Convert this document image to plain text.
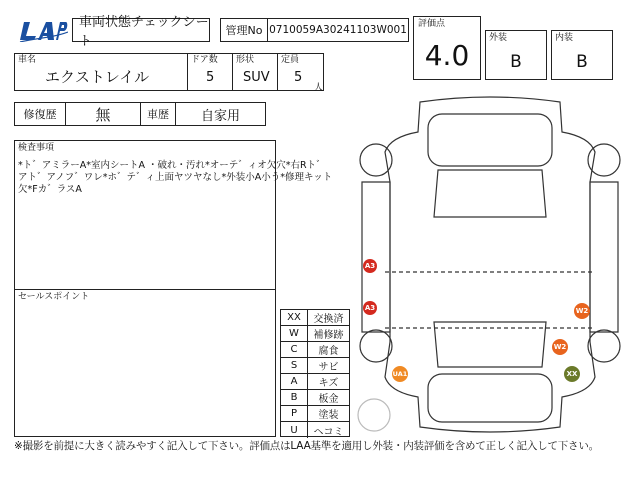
車両状態チェックシート
管理No 0710059A30241103W001 評価点
4.0
外装
B
内装
B
車名
エクストレイル
ドア数
5
形状
SUV
定員
5
人
修復歴	無	車歴	自家用
検査事項
*ト゛アミラーA*室内シートA ・破れ・汚れ*オーテ゛ィオ欠穴*右Rト゛
アト゛アノフ゛ワレ*ホ゛テ゛ィ上面ヤツヤなし*外装小A小う*修理キット
欠*Fカ゛ラスA
セールスポイント
XX	交換済
W	補修跡
C	腐食
S	サビ
A	キズ
B	板金
P	塗装
U	ヘコミ
A3
A3	W2
W2
UA1	XX
※撮影を前提に大きく読みやすく記入して下さい。評価点はLAA基準を適用し外装・内装評価を含めて正しく記入して下さい。
